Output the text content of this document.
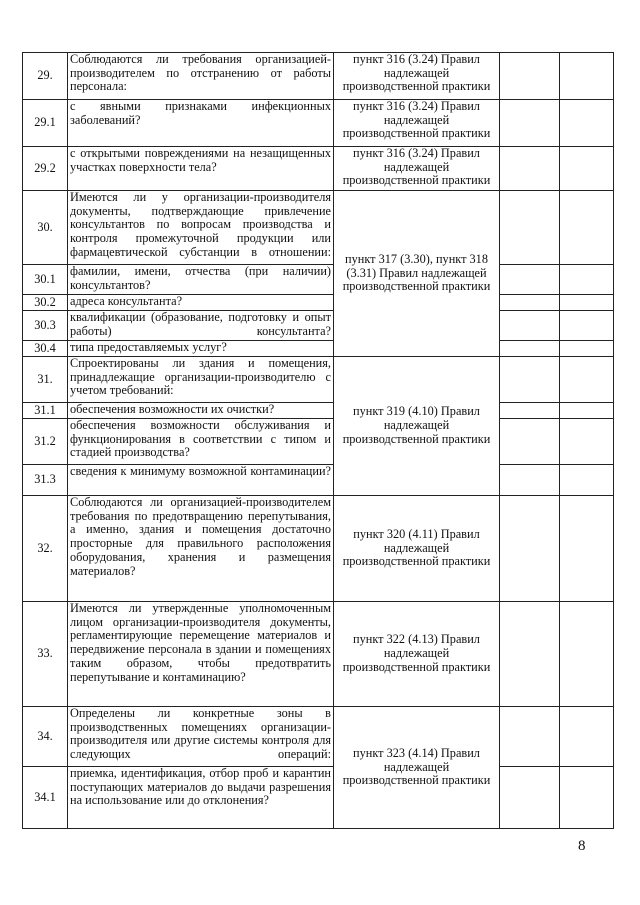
29.	Соблюдаются ли требования организацией-производителем по отстранению от работы персонала:	пункт 316 (3.24) Правил надлежащей производственной практики		
29.1	с явными признаками инфекционных заболеваний?	пункт 316 (3.24) Правил надлежащей производственной практики		
29.2	с открытыми повреждениями на незащищенных участках поверхности тела?	пункт 316 (3.24) Правил надлежащей производственной практики		
30.	Имеются ли у организации-производителя документы, подтверждающие привлечение консультантов по вопросам производства и контроля промежуточной продукции или фармацевтической субстанции в отношении:	пункт 317 (3.30), пункт 318 (3.31) Правил надлежащей производственной практики		
30.1	фамилии, имени, отчества (при наличии) консультантов?			
30.2	адреса консультанта?			
30.3	квалификации (образование, подготовку и опыт работы) консультанта?			
30.4	типа предоставляемых услуг?			
31.	Спроектированы ли здания и помещения, принадлежащие организации-производителю с учетом требований:	пункт 319 (4.10) Правил надлежащей производственной практики		
31.1	обеспечения возможности их очистки?			
31.2	обеспечения возможности обслуживания и функционирования в соответствии с типом и стадией производства?			
31.3	сведения к минимуму возможной контаминации?			
32.	Соблюдаются ли организацией-производителем требования по предотвращению перепутывания, а именно, здания и помещения достаточно просторные для правильного расположения оборудования, хранения и размещения материалов?	пункт 320 (4.11) Правил надлежащей производственной практики		
33.	Имеются ли утвержденные уполномоченным лицом организации-производителя документы, регламентирующие перемещение материалов и передвижение персонала в здании и помещениях таким образом, чтобы предотвратить перепутывание и контаминацию?	пункт 322 (4.13) Правил надлежащей производственной практики		
34.	Определены ли конкретные зоны в производственных помещениях организации-производителя или другие системы контроля для следующих операций:	пункт 323 (4.14) Правил надлежащей производственной практики		
34.1	приемка, идентификация, отбор проб и карантин поступающих материалов до выдачи разрешения на использование или до отклонения?			
8
